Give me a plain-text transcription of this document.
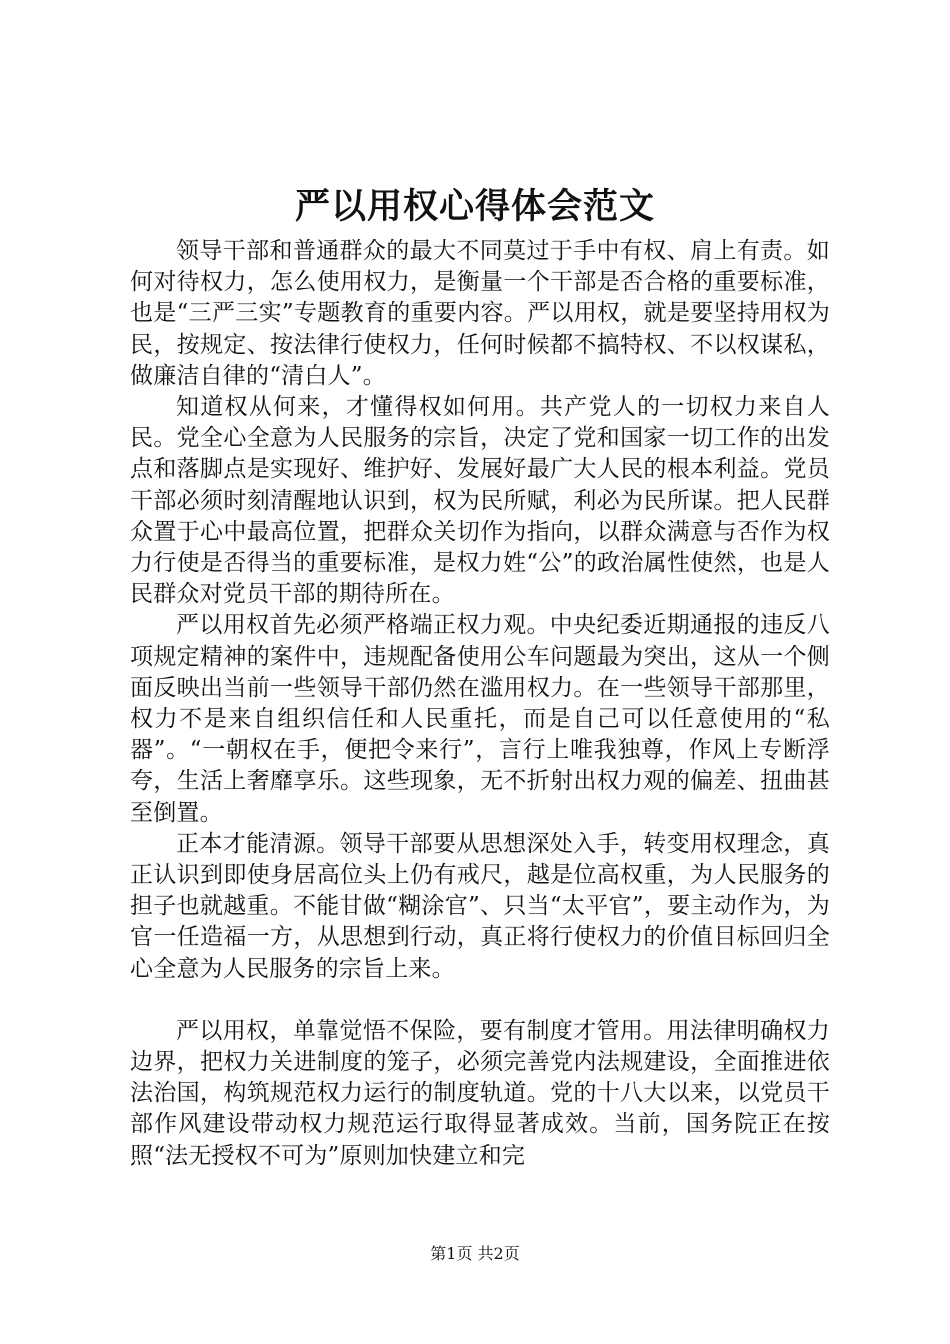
严以用权心得体会范文

领导干部和普通群众的最大不同莫过于手中有权、肩上有责。如何对待权力，怎么使用权力，是衡量一个干部是否合格的重要标准，也是“三严三实”专题教育的重要内容。严以用权，就是要坚持用权为民，按规定、按法律行使权力，任何时候都不搞特权、不以权谋私，做廉洁自律的“清白人”。

知道权从何来，才懂得权如何用。共产党人的一切权力来自人民。党全心全意为人民服务的宗旨，决定了党和国家一切工作的出发点和落脚点是实现好、维护好、发展好最广大人民的根本利益。党员干部必须时刻清醒地认识到，权为民所赋，利必为民所谋。把人民群众置于心中最高位置，把群众关切作为指向，以群众满意与否作为权力行使是否得当的重要标准，是权力姓“公”的政治属性使然，也是人民群众对党员干部的期待所在。

严以用权首先必须严格端正权力观。中央纪委近期通报的违反八项规定精神的案件中，违规配备使用公车问题最为突出，这从一个侧面反映出当前一些领导干部仍然在滥用权力。在一些领导干部那里，权力不是来自组织信任和人民重托，而是自己可以任意使用的“私器”。“一朝权在手，便把令来行”，言行上唯我独尊，作风上专断浮夸，生活上奢靡享乐。这些现象，无不折射出权力观的偏差、扭曲甚至倒置。

正本才能清源。领导干部要从思想深处入手，转变用权理念，真正认识到即使身居高位头上仍有戒尺，越是位高权重，为人民服务的担子也就越重。不能甘做“糊涂官”、只当“太平官”，要主动作为，为官一任造福一方，从思想到行动，真正将行使权力的价值目标回归全心全意为人民服务的宗旨上来。

严以用权，单靠觉悟不保险，要有制度才管用。用法律明确权力边界，把权力关进制度的笼子，必须完善党内法规建设，全面推进依法治国，构筑规范权力运行的制度轨道。党的十八大以来，以党员干部作风建设带动权力规范运行取得显著成效。当前，国务院正在按照“法无授权不可为”原则加快建立和完

第1页 共2页
